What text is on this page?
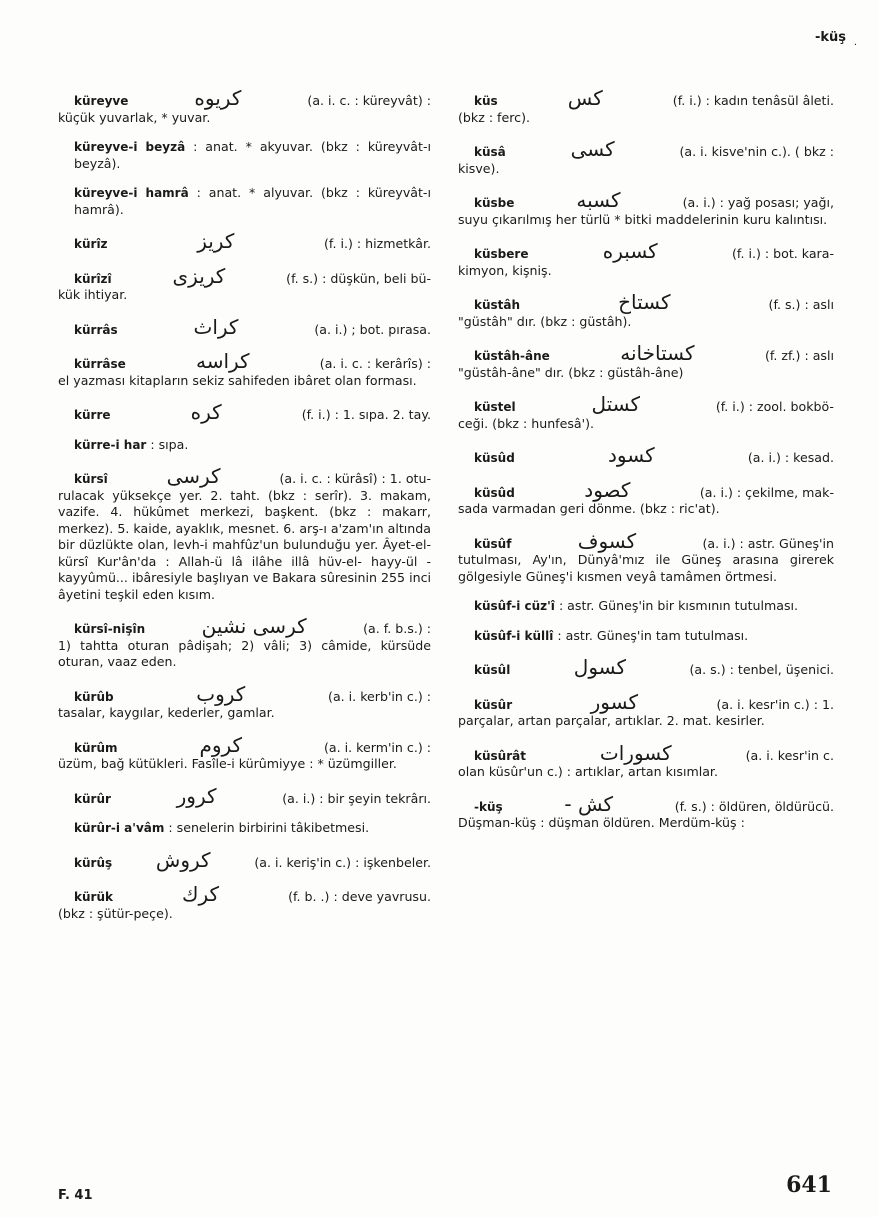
-küş
·
küreyve	كريوه	(a. i. c. : küreyvât) :
küçük yuvarlak, * yuvar.
küreyve-i beyzâ : anat. * akyuvar. (bkz : küreyvât-ı beyzâ).
küreyve-i hamrâ : anat. * alyuvar. (bkz : küreyvât-ı hamrâ).
kürîz	كريز	(f. i.) : hizmetkâr.
kürîzî	كريزى	(f. s.) : düşkün, beli bü-
kük ihtiyar.
kürrâs	كراث	(a. i.) ; bot. pırasa.
kürrâse	كراسه	(a. i. c. : kerârîs) :
el yazması kitapların sekiz sahifeden ibâret olan forması.
kürre	كره	(f. i.) : 1. sıpa. 2. tay.
kürre-i har : sıpa.
kürsî	كرسى	(a. i. c. : kürâsî) : 1. otu-
rulacak yüksekçe yer. 2. taht. (bkz : serîr). 3. makam, vazife. 4. hükûmet merkezi, başkent. (bkz : makarr, merkez). 5. kaide, ayaklık, mesnet. 6. arş-ı a'zam'ın altında bir düzlükte olan, levh-i mahfûz'un bulunduğu yer. Âyet-el-kürsî Kur'ân'da : Allah-ü lâ ilâhe illâ hüv-el- hayy-ül -kayyûmü... ibâresiyle başlıyan ve Bakara sûresinin 255 inci âyetini teşkil eden kısım.
kürsî-nişîn	كرسى نشين	(a. f. b.s.) :
1) tahtta oturan pâdişah; 2) vâli; 3) câmide, kürsüde oturan, vaaz eden.
kürûb	كروب	(a. i. kerb'in c.) :
tasalar, kaygılar, kederler, gamlar.
kürûm	كروم	(a. i. kerm'in c.) :
üzüm, bağ kütükleri. Fasîle-i kürûmiyye : * üzümgiller.
kürûr	كرور	(a. i.) : bir şeyin tekrârı.
kürûr-i a'vâm : senelerin birbirini tâkibetmesi.
kürûş كروش	(a. i. keriş'in c.) : işkenbeler.
kürük	كرك	(f. b. .) : deve yavrusu.
(bkz : şütür-peçe).
küs	كس	(f. i.) : kadın tenâsül âleti.
(bkz : ferc).
küsâ	كسى	(a. i. kisve'nin c.). ( bkz :
kisve).
küsbe	كسبه	(a. i.) : yağ posası; yağı,
suyu çıkarılmış her türlü * bitki maddelerinin kuru kalıntısı.
küsbere	كسبره	(f. i.) : bot. kara-
kimyon, kişniş.
küstâh	كستاخ	(f. s.) : aslı
"güstâh" dır. (bkz : güstâh).
küstâh-âne	كستاخانه	(f. zf.) : aslı
"güstâh-âne" dır. (bkz : güstâh-âne)
küstel	كستل	(f. i.) : zool. bokbö-
ceği. (bkz : hunfesâ').
küsûd	كسود	(a. i.) : kesad.
küsûd	كصود	(a. i.) : çekilme, mak-
sada varmadan geri dönme. (bkz : ric'at).
küsûf	كسوف	(a. i.) : astr. Güneş'in
tutulması, Ay'ın, Dünyâ'mız ile Güneş arasına girerek gölgesiyle Güneş'i kısmen veyâ tamâmen örtmesi.
küsûf-i cüz'î : astr. Güneş'in bir kısmının tutulması.
küsûf-i küllî : astr. Güneş'in tam tutulması.
küsûl	كسول	(a. s.) : tenbel, üşenici.
küsûr	كسور	(a. i. kesr'in c.) : 1.
parçalar, artan parçalar, artıklar. 2. mat. kesirler.
küsûrât	كسورات	(a. i. kesr'in c.
olan küsûr'un c.) : artıklar, artan kısımlar.
-küş	كش -	(f. s.) : öldüren, öldürücü.
Düşman-küş : düşman öldüren. Merdüm-küş :
F. 41	641
